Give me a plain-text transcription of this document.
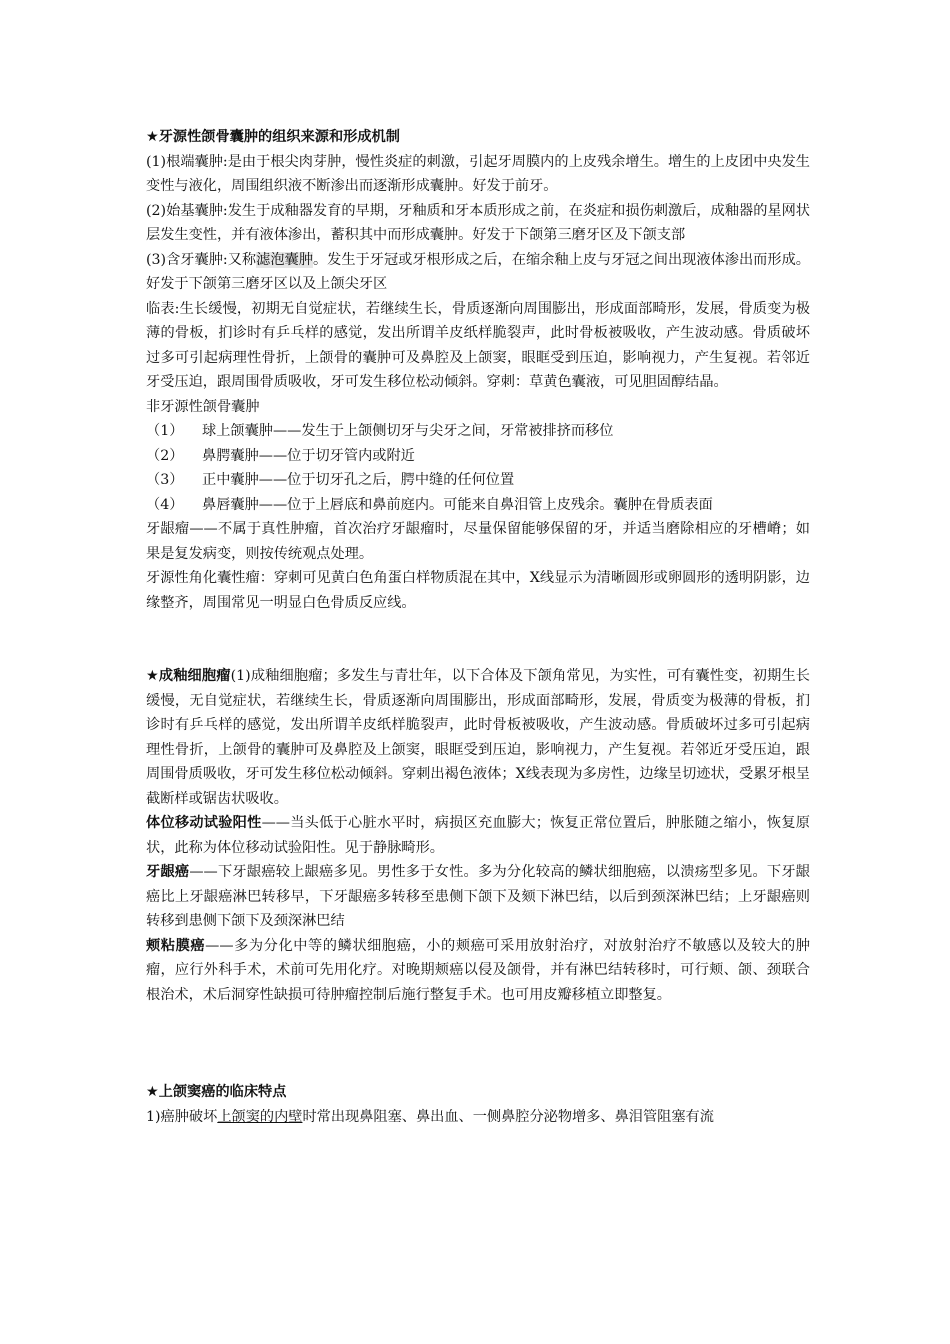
★牙源性颌骨囊肿的组织来源和形成机制

(1)根端囊肿:是由于根尖肉芽肿，慢性炎症的刺激，引起牙周膜内的上皮残余增生。增生的上皮团中央发生变性与液化，周围组织液不断渗出而逐渐形成囊肿。好发于前牙。

(2)始基囊肿:发生于成釉器发育的早期，牙釉质和牙本质形成之前，在炎症和损伤刺激后，成釉器的星网状层发生变性，并有液体渗出，蓄积其中而形成囊肿。好发于下颌第三磨牙区及下颌支部

(3)含牙囊肿:又称滤泡囊肿。发生于牙冠或牙根形成之后，在缩余釉上皮与牙冠之间出现液体渗出而形成。好发于下颌第三磨牙区以及上颌尖牙区

临表:生长缓慢，初期无自觉症状，若继续生长，骨质逐渐向周围膨出，形成面部畸形，发展，骨质变为极薄的骨板，扪诊时有乒乓样的感觉，发出所谓羊皮纸样脆裂声，此时骨板被吸收，产生波动感。骨质破坏过多可引起病理性骨折，上颌骨的囊肿可及鼻腔及上颌窦，眼眶受到压迫，影响视力，产生复视。若邻近牙受压迫，跟周围骨质吸收，牙可发生移位松动倾斜。穿刺：草黄色囊液，可见胆固醇结晶。

非牙源性颌骨囊肿

（1）	球上颌囊肿——发生于上颌侧切牙与尖牙之间，牙常被排挤而移位
（2）	鼻腭囊肿——位于切牙管内或附近
（3）	正中囊肿——位于切牙孔之后，腭中缝的任何位置
（4）	鼻唇囊肿——位于上唇底和鼻前庭内。可能来自鼻泪管上皮残余。囊肿在骨质表面

牙龈瘤——不属于真性肿瘤，首次治疗牙龈瘤时，尽量保留能够保留的牙，并适当磨除相应的牙槽嵴；如果是复发病变，则按传统观点处理。

牙源性角化囊性瘤：穿刺可见黄白色角蛋白样物质混在其中，X线显示为清晰圆形或卵圆形的透明阴影，边缘整齐，周围常见一明显白色骨质反应线。

★成釉细胞瘤(1)成釉细胞瘤；多发生与青壮年，以下合体及下颌角常见，为实性，可有囊性变，初期生长缓慢，无自觉症状，若继续生长，骨质逐渐向周围膨出，形成面部畸形，发展，骨质变为极薄的骨板，扪诊时有乒乓样的感觉，发出所谓羊皮纸样脆裂声，此时骨板被吸收，产生波动感。骨质破坏过多可引起病理性骨折，上颌骨的囊肿可及鼻腔及上颌窦，眼眶受到压迫，影响视力，产生复视。若邻近牙受压迫，跟周围骨质吸收，牙可发生移位松动倾斜。穿刺出褐色液体；X线表现为多房性，边缘呈切迹状，受累牙根呈截断样或锯齿状吸收。

体位移动试验阳性——当头低于心脏水平时，病损区充血膨大；恢复正常位置后，肿胀随之缩小，恢复原状，此称为体位移动试验阳性。见于静脉畸形。

牙龈癌——下牙龈癌较上龈癌多见。男性多于女性。多为分化较高的鳞状细胞癌，以溃疡型多见。下牙龈癌比上牙龈癌淋巴转移早，下牙龈癌多转移至患侧下颌下及颏下淋巴结，以后到颈深淋巴结；上牙龈癌则转移到患侧下颌下及颈深淋巴结

颊粘膜癌——多为分化中等的鳞状细胞癌，小的颊癌可采用放射治疗，对放射治疗不敏感以及较大的肿瘤，应行外科手术，术前可先用化疗。对晚期颊癌以侵及颌骨，并有淋巴结转移时，可行颊、颌、颈联合根治术，术后洞穿性缺损可待肿瘤控制后施行整复手术。也可用皮瓣移植立即整复。

★上颌窦癌的临床特点

1)癌肿破坏上颌窦的内壁时常出现鼻阻塞、鼻出血、一侧鼻腔分泌物增多、鼻泪管阻塞有流
